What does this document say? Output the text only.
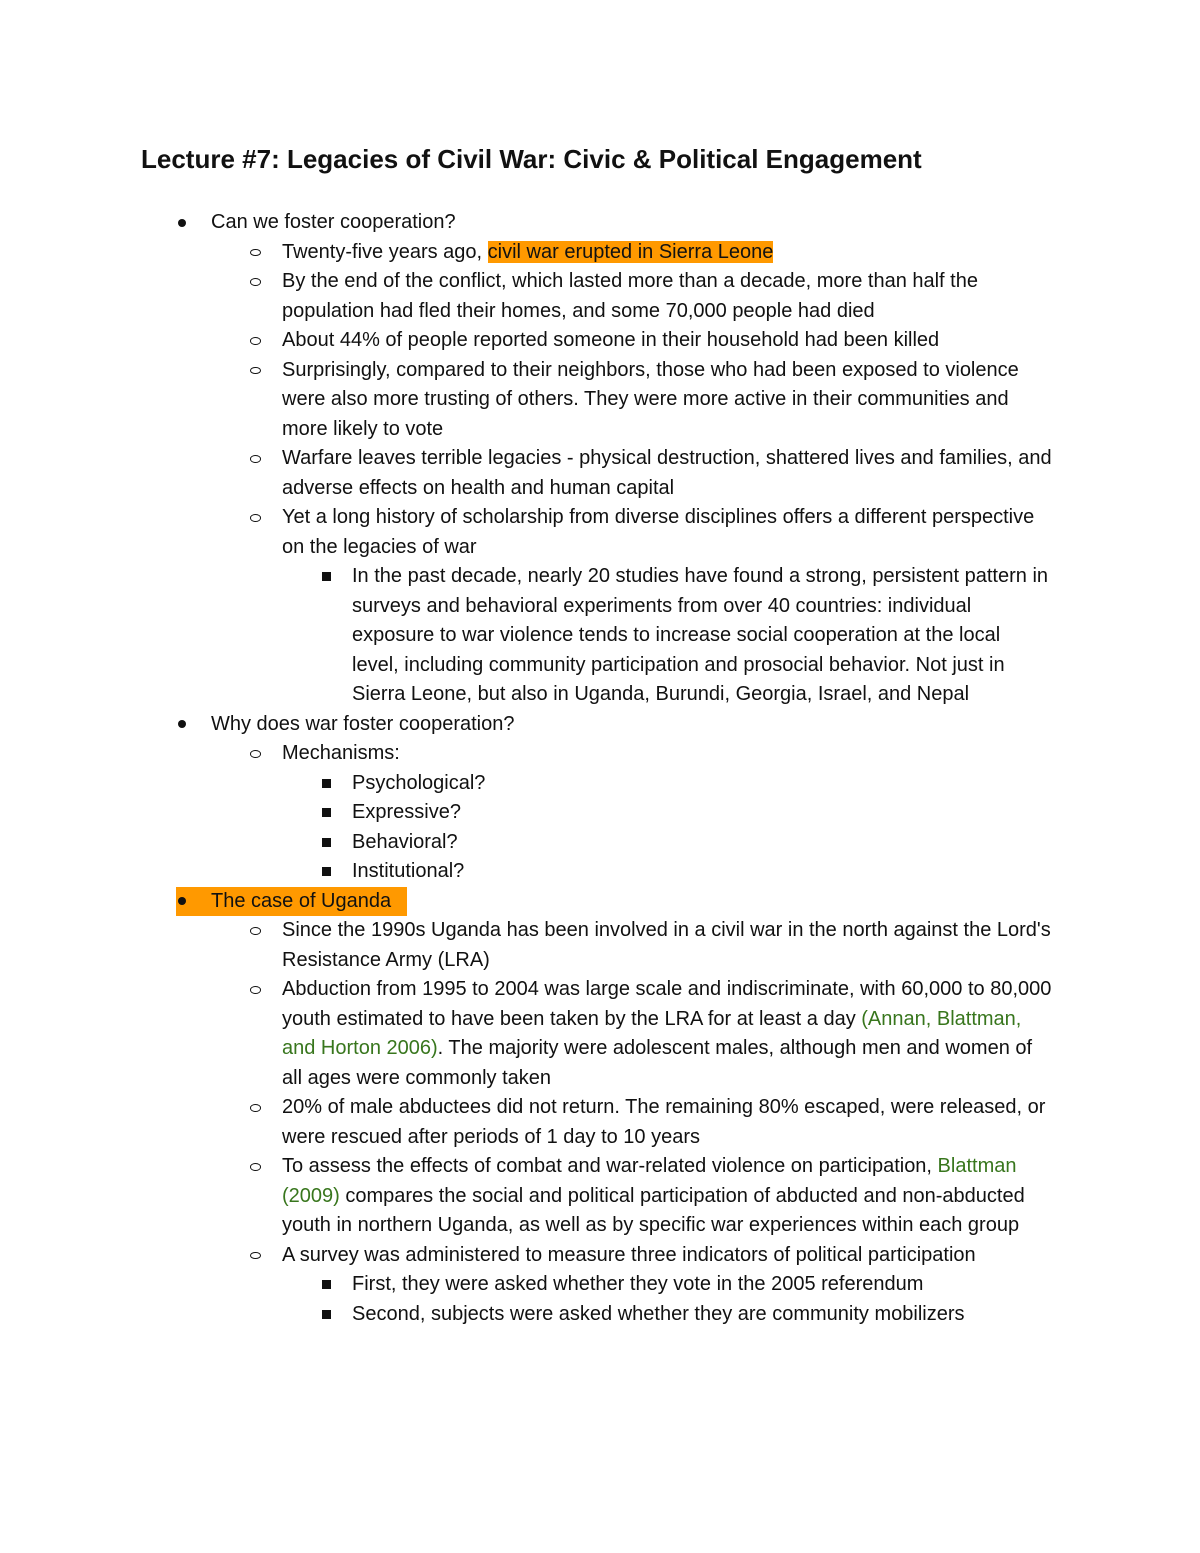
Lecture #7: Legacies of Civil War: Civic & Political Engagement
Can we foster cooperation?
Twenty-five years ago, civil war erupted in Sierra Leone
By the end of the conflict, which lasted more than a decade, more than half the population had fled their homes, and some 70,000 people had died
About 44% of people reported someone in their household had been killed
Surprisingly, compared to their neighbors, those who had been exposed to violence were also more trusting of others. They were more active in their communities and more likely to vote
Warfare leaves terrible legacies - physical destruction, shattered lives and families, and adverse effects on health and human capital
Yet a long history of scholarship from diverse disciplines offers a different perspective on the legacies of war
In the past decade, nearly 20 studies have found a strong, persistent pattern in surveys and behavioral experiments from over 40 countries: individual exposure to war violence tends to increase social cooperation at the local level, including community participation and prosocial behavior. Not just in Sierra Leone, but also in Uganda, Burundi, Georgia, Israel, and Nepal
Why does war foster cooperation?
Mechanisms:
Psychological?
Expressive?
Behavioral?
Institutional?
The case of Uganda
Since the 1990s Uganda has been involved in a civil war in the north against the Lord's Resistance Army (LRA)
Abduction from 1995 to 2004 was large scale and indiscriminate, with 60,000 to 80,000 youth estimated to have been taken by the LRA for at least a day (Annan, Blattman, and Horton 2006). The majority were adolescent males, although men and women of all ages were commonly taken
20% of male abductees did not return. The remaining 80% escaped, were released, or were rescued after periods of 1 day to 10 years
To assess the effects of combat and war-related violence on participation, Blattman (2009) compares the social and political participation of abducted and non-abducted youth in northern Uganda, as well as by specific war experiences within each group
A survey was administered to measure three indicators of political participation
First, they were asked whether they vote in the 2005 referendum
Second, subjects were asked whether they are community mobilizers
